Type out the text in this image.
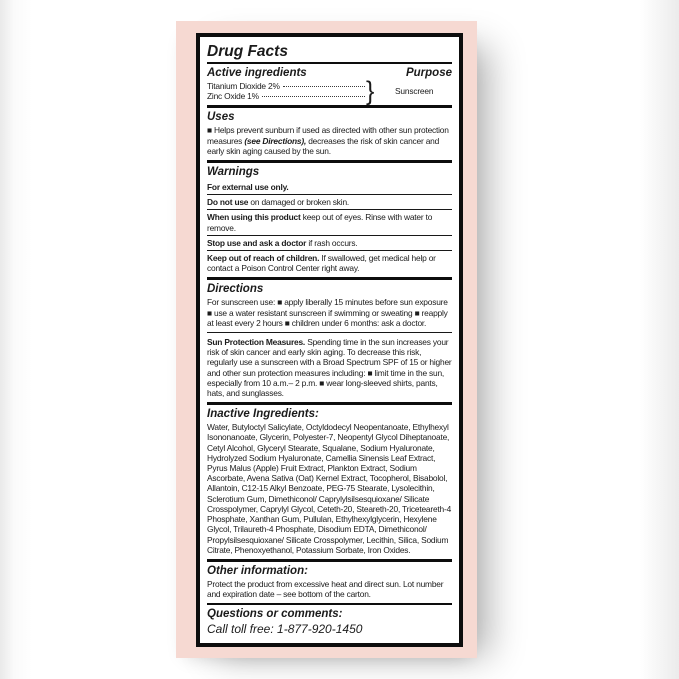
Drug Facts
Active ingredients	Purpose
Titanium Dioxide 2%
Zinc Oxide 1%	}	Sunscreen
Uses
■ Helps prevent sunburn if used as directed with other sun protection measures (see Directions), decreases the risk of skin cancer and early skin aging caused by the sun.
Warnings
For external use only.
Do not use on damaged or broken skin.
When using this product keep out of eyes. Rinse with water to remove.
Stop use and ask a doctor if rash occurs.
Keep out of reach of children. If swallowed, get medical help or contact a Poison Control Center right away.
Directions
For sunscreen use: ■ apply liberally 15 minutes before sun exposure ■ use a water resistant sunscreen if swimming or sweating ■ reapply at least every 2 hours ■ children under 6 months: ask a doctor.
Sun Protection Measures. Spending time in the sun increases your risk of skin cancer and early skin aging. To decrease this risk, regularly use a sunscreen with a Broad Spectrum SPF of 15 or higher and other sun protection measures including: ■ limit time in the sun, especially from 10 a.m.– 2 p.m. ■ wear long-sleeved shirts, pants, hats, and sunglasses.
Inactive Ingredients:
Water, Butyloctyl Salicylate, Octyldodecyl Neopentanoate, Ethylhexyl Isononanoate, Glycerin, Polyester-7, Neopentyl Glycol Diheptanoate, Cetyl Alcohol, Glyceryl Stearate, Squalane, Sodium Hyaluronate, Hydrolyzed Sodium Hyaluronate, Camellia Sinensis Leaf Extract, Pyrus Malus (Apple) Fruit Extract, Plankton Extract, Sodium Ascorbate, Avena Sativa (Oat) Kernel Extract, Tocopherol, Bisabolol, Allantoin, C12-15 Alkyl Benzoate, PEG-75 Stearate, Lysolecithin, Sclerotium Gum, Dimethiconol/ Caprylylsilsesquioxane/ Silicate Crosspolymer, Caprylyl Glycol, Ceteth-20, Steareth-20, Triceteareth-4 Phosphate, Xanthan Gum, Pullulan, Ethylhexylglycerin, Hexylene Glycol, Trilaureth-4 Phosphate, Disodium EDTA, Dimethiconol/ Propylsilsesquioxane/ Silicate Crosspolymer, Lecithin, Silica, Sodium Citrate, Phenoxyethanol, Potassium Sorbate, Iron Oxides.
Other information:
Protect the product from excessive heat and direct sun. Lot number and expiration date – see bottom of the carton.
Questions or comments:
Call toll free: 1-877-920-1450
